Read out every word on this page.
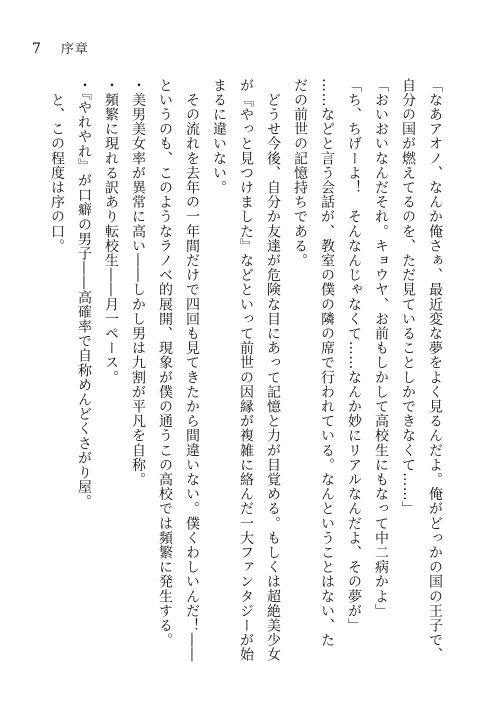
7 序章

「なあアオノ、なんか俺さぁ、最近変な夢をよく見るんだよ。俺がどっかの国の王子で、

自分の国が燃えてるのを、ただ見ていることしかできなくて……」

「おいおいなんだそれ。キョウヤ、お前もしかして高校生にもなって中二病かよ」

「ち、ちげーよ！　そんなんじゃなくて……なんか妙にリアルなんだよ、その夢が」

……などと言う会話が、教室の僕の隣の席で行われている。なんということはない、た

だの前世の記憶持ちである。

　どうせ今後、自分か友達が危険な目にあって記憶と力が目覚める。もしくは超絶美少女

が『やっと見つけました』などといって前世の因縁が複雑に絡んだ一大ファンタジーが始

まるに違いない。

　その流れを去年の一年間だけで四回も見てきたから間違いない。僕くわしいんだ！――

というのも、このようなラノベ的展開、現象が僕の通うこの高校では頻繁に発生する。

・美男美女率が異常に高い――しかし男は九割が平凡を自称。

・頻繁に現れる訳あり転校生――月一ペース。

・『やれやれ』が口癖の男子――高確率で自称めんどくさがり屋。

　と、この程度は序の口。
